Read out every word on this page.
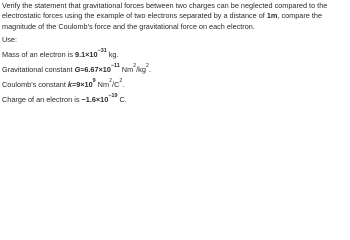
Verify the statement that gravitational forces between two charges can be neglected compared to the electrostatic forces using the example of two electrons separated by a distance of 1m, compare the magnitude of the Coulomb's force and the gravitational force on each electron.

Use:

Mass of an electron is $9.1\times 10^{-31}$ kg.

Gravitational constant $G\approx 6.67\times 10^{-11}$ $Nm^2/kg^2$.

Coulomb's constant $k=9\times 10^9$ $Nm^2/C^2$.

Charge of an electron is $-1.6\times 10^{-19}$ C.
